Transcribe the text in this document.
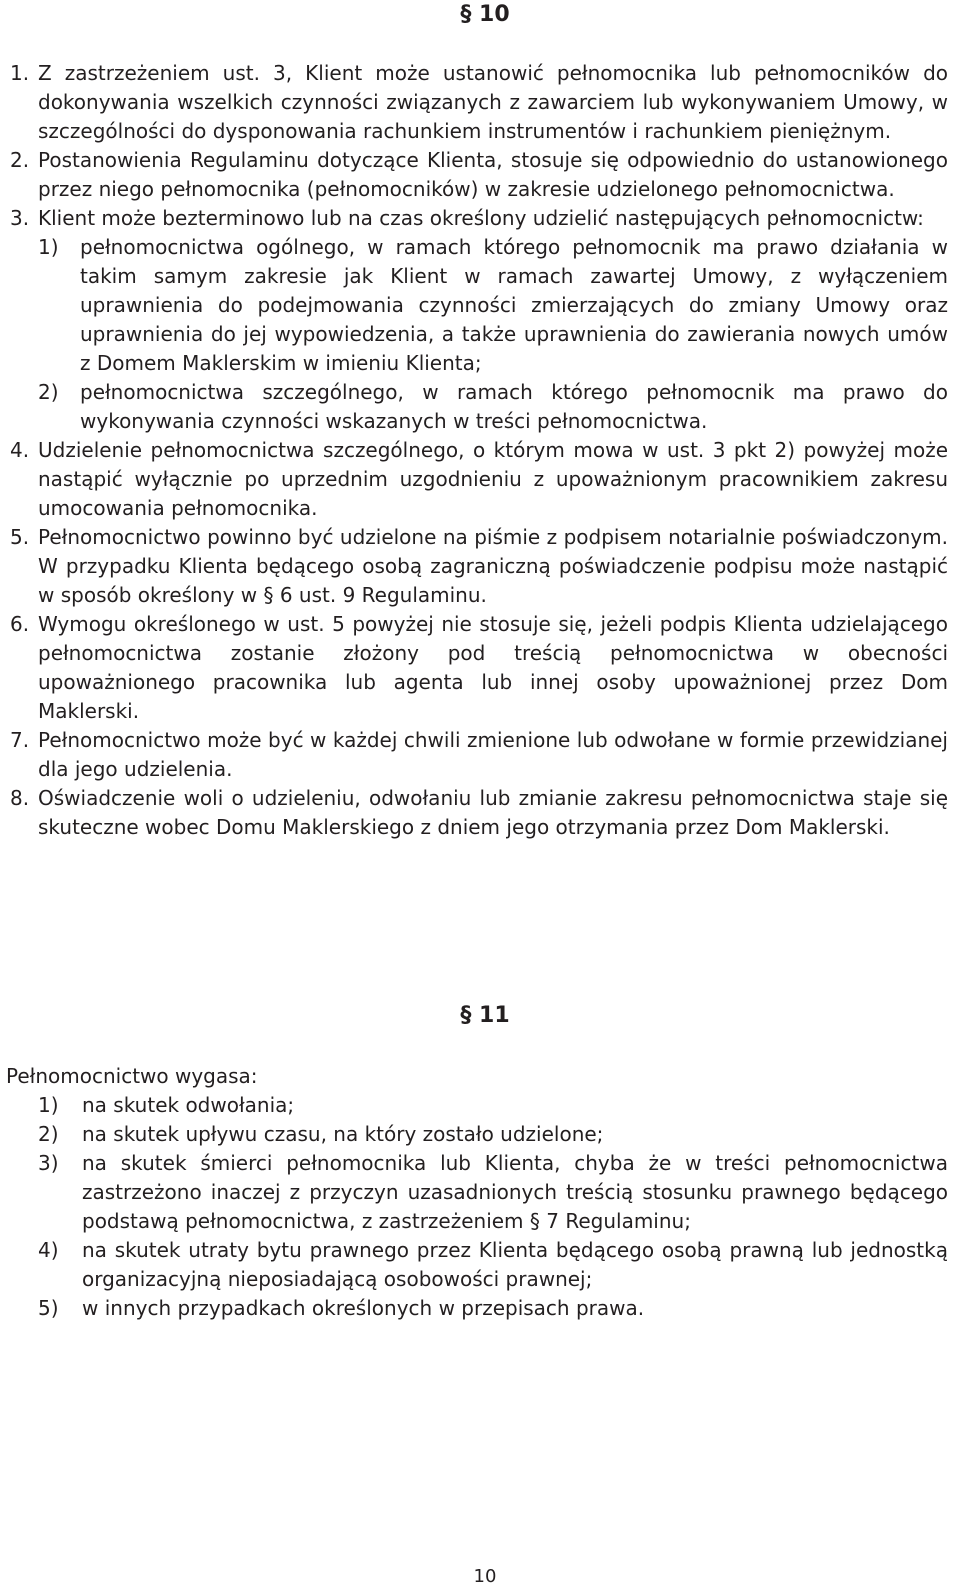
§ 10
1. Z zastrzeżeniem ust. 3, Klient może ustanowić pełnomocnika lub pełnomocników do dokonywania wszelkich czynności związanych z zawarciem lub wykonywaniem Umowy, w szczególności do dysponowania rachunkiem instrumentów i rachunkiem pieniężnym.
2. Postanowienia Regulaminu dotyczące Klienta, stosuje się odpowiednio do ustanowionego przez niego pełnomocnika (pełnomocników) w zakresie udzielonego pełnomocnictwa.
3. Klient może bezterminowo lub na czas określony udzielić następujących pełnomocnictw:
1)	pełnomocnictwa ogólnego, w ramach którego pełnomocnik ma prawo działania w takim samym zakresie jak Klient w ramach zawartej Umowy, z wyłączeniem uprawnienia do podejmowania czynności zmierzających do zmiany Umowy oraz uprawnienia do jej wypowiedzenia, a także uprawnienia do zawierania nowych umów z Domem Maklerskim w imieniu Klienta;
2)	pełnomocnictwa szczególnego, w ramach którego pełnomocnik ma prawo do wykonywania czynności wskazanych w treści pełnomocnictwa.
4. Udzielenie pełnomocnictwa szczególnego, o którym mowa w ust. 3 pkt 2) powyżej może nastąpić wyłącznie po uprzednim uzgodnieniu z upoważnionym pracownikiem zakresu umocowania pełnomocnika.
5. Pełnomocnictwo powinno być udzielone na piśmie z podpisem notarialnie poświadczonym. W przypadku Klienta będącego osobą zagraniczną poświadczenie podpisu może nastąpić w sposób określony w § 6 ust. 9 Regulaminu.
6. Wymogu określonego w ust. 5 powyżej nie stosuje się, jeżeli podpis Klienta udzielającego pełnomocnictwa zostanie złożony pod treścią pełnomocnictwa w obecności upoważnionego pracownika lub agenta lub innej osoby upoważnionej przez Dom Maklerski.
7. Pełnomocnictwo może być w każdej chwili zmienione lub odwołane w formie przewidzianej dla jego udzielenia.
8. Oświadczenie woli o udzieleniu, odwołaniu lub zmianie zakresu pełnomocnictwa staje się skuteczne wobec Domu Maklerskiego z dniem jego otrzymania przez Dom Maklerski.
§ 11
Pełnomocnictwo wygasa:
1)	na skutek odwołania;
2)	na skutek upływu czasu, na który zostało udzielone;
3)	na skutek śmierci pełnomocnika lub Klienta, chyba że w treści pełnomocnictwa zastrzeżono inaczej z przyczyn uzasadnionych treścią stosunku prawnego będącego podstawą pełnomocnictwa, z zastrzeżeniem § 7 Regulaminu;
4)	na skutek utraty bytu prawnego przez Klienta będącego osobą prawną lub jednostką organizacyjną nieposiadającą osobowości prawnej;
5)	w innych przypadkach określonych w przepisach prawa.
10
